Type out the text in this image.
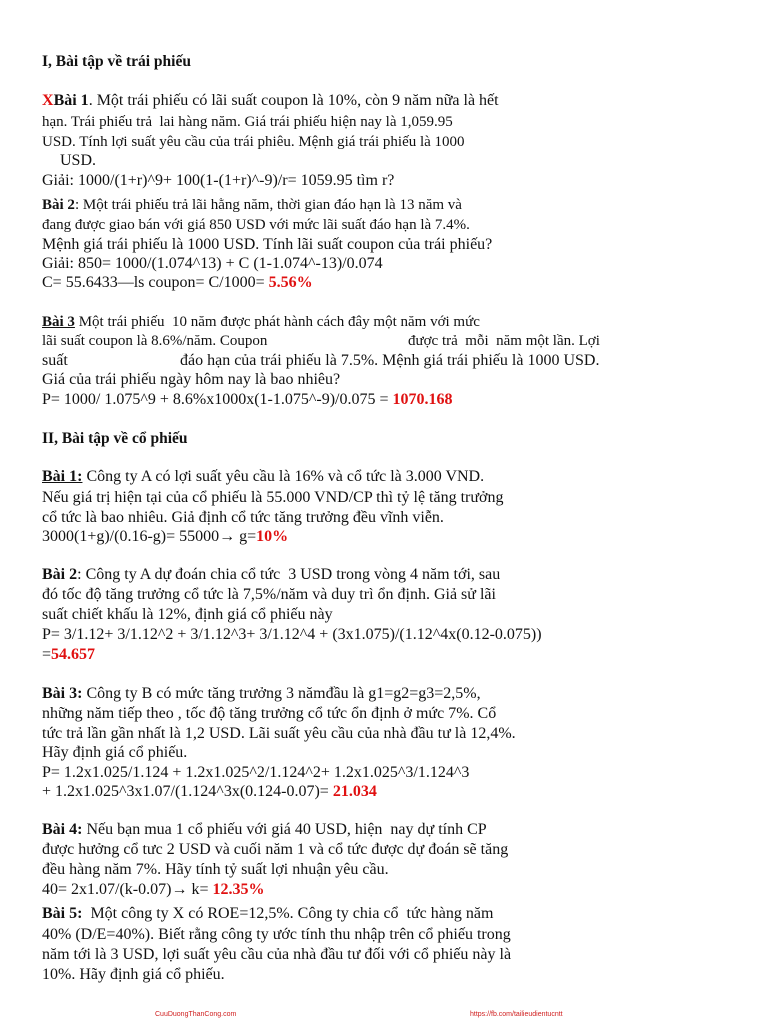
I, Bài tập về trái phiếu
XBài 1. Một trái phiếu có lãi suất coupon là 10%, còn 9 năm nữa là hết
hạn. Trái phiếu trả  lai hàng năm. Giá trái phiếu hiện nay là 1,059.95
USD. Tính lợi suất yêu cầu của trái phiêu. Mệnh giá trái phiếu là 1000
USD.
Giải: 1000/(1+r)^9+ 100(1-(1+r)^-9)/r= 1059.95 tìm r?
Bài 2: Một trái phiếu trả lãi hằng năm, thời gian đáo hạn là 13 năm và
đang được giao bán với giá 850 USD với mức lãi suất đáo hạn là 7.4%.
Mệnh giá trái phiếu là 1000 USD. Tính lãi suất coupon của trái phiếu?
Giải: 850= 1000/(1.074^13) + C (1-1.074^-13)/0.074
C= 55.6433—ls coupon= C/1000= 5.56%
Bài 3 Một trái phiếu  10 năm được phát hành cách đây một năm với mức
lãi suất coupon là 8.6%/năm. Coupon	được trả  mỗi  năm một lần. Lợi
suất	đáo hạn của trái phiếu là 7.5%. Mệnh giá trái phiếu là 1000 USD.
Giá của trái phiếu ngày hôm nay là bao nhiêu?
P= 1000/ 1.075^9 + 8.6%x1000x(1-1.075^-9)/0.075 = 1070.168
II, Bài tập về cổ phiếu
Bài 1: Công ty A có lợi suất yêu cầu là 16% và cổ tức là 3.000 VND.
Nếu giá trị hiện tại của cổ phiếu là 55.000 VND/CP thì tỷ lệ tăng trưởng
cổ tức là bao nhiêu. Giả định cổ tức tăng trưởng đều vĩnh viễn.
3000(1+g)/(0.16-g)= 55000→ g=10%
Bài 2: Công ty A dự đoán chia cổ tức  3 USD trong vòng 4 năm tới, sau
đó tốc độ tăng trưởng cổ tức là 7,5%/năm và duy trì ổn định. Giả sử lãi
suất chiết khấu là 12%, định giá cổ phiếu này
P= 3/1.12+ 3/1.12^2 + 3/1.12^3+ 3/1.12^4 + (3x1.075)/(1.12^4x(0.12-0.075))
=54.657
Bài 3: Công ty B có mức tăng trưởng 3 nămđầu là g1=g2=g3=2,5%,
những năm tiếp theo , tốc độ tăng trưởng cổ tức ổn định ở mức 7%. Cổ
tức trả lần gần nhất là 1,2 USD. Lãi suất yêu cầu của nhà đầu tư là 12,4%.
Hãy định giá cổ phiếu.
P= 1.2x1.025/1.124 + 1.2x1.025^2/1.124^2+ 1.2x1.025^3/1.124^3
+ 1.2x1.025^3x1.07/(1.124^3x(0.124-0.07)= 21.034
Bài 4: Nếu bạn mua 1 cổ phiếu với giá 40 USD, hiện  nay dự tính CP
được hưởng cổ tưc 2 USD và cuối năm 1 và cổ tức được dự đoán sẽ tăng
đều hàng năm 7%. Hãy tính tỷ suất lợi nhuận yêu cầu.
40= 2x1.07/(k-0.07)→ k= 12.35%
Bài 5:  Một công ty X có ROE=12,5%. Công ty chia cổ  tức hàng năm
40% (D/E=40%). Biết rằng công ty ước tính thu nhập trên cổ phiếu trong
năm tới là 3 USD, lợi suất yêu cầu của nhà đầu tư đối với cổ phiếu này là
10%. Hãy định giá cổ phiếu.
CuuDuongThanCong.com	https://fb.com/tailieudientucntt
